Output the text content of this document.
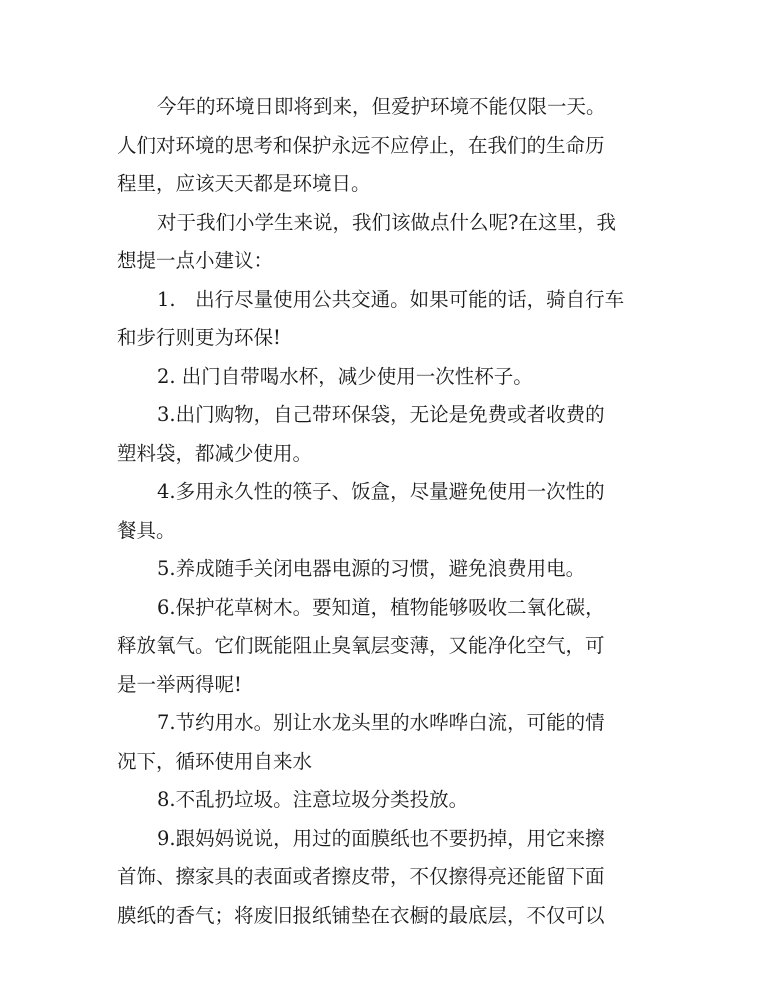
今年的环境日即将到来，但爱护环境不能仅限一天。
人们对环境的思考和保护永远不应停止，在我们的生命历
程里，应该天天都是环境日。
对于我们小学生来说，我们该做点什么呢?在这里，我
想提一点小建议：
1.　出行尽量使用公共交通。如果可能的话，骑自行车
和步行则更为环保!
2. 出门自带喝水杯，减少使用一次性杯子。
3.出门购物，自己带环保袋，无论是免费或者收费的
塑料袋，都减少使用。
4.多用永久性的筷子、饭盒，尽量避免使用一次性的
餐具。
5.养成随手关闭电器电源的习惯，避免浪费用电。
6.保护花草树木。要知道，植物能够吸收二氧化碳，
释放氧气。它们既能阻止臭氧层变薄，又能净化空气，可
是一举两得呢!
7.节约用水。别让水龙头里的水哗哗白流，可能的情
况下，循环使用自来水
8.不乱扔垃圾。注意垃圾分类投放。
9.跟妈妈说说，用过的面膜纸也不要扔掉，用它来擦
首饰、擦家具的表面或者擦皮带，不仅擦得亮还能留下面
膜纸的香气；将废旧报纸铺垫在衣橱的最底层，不仅可以
